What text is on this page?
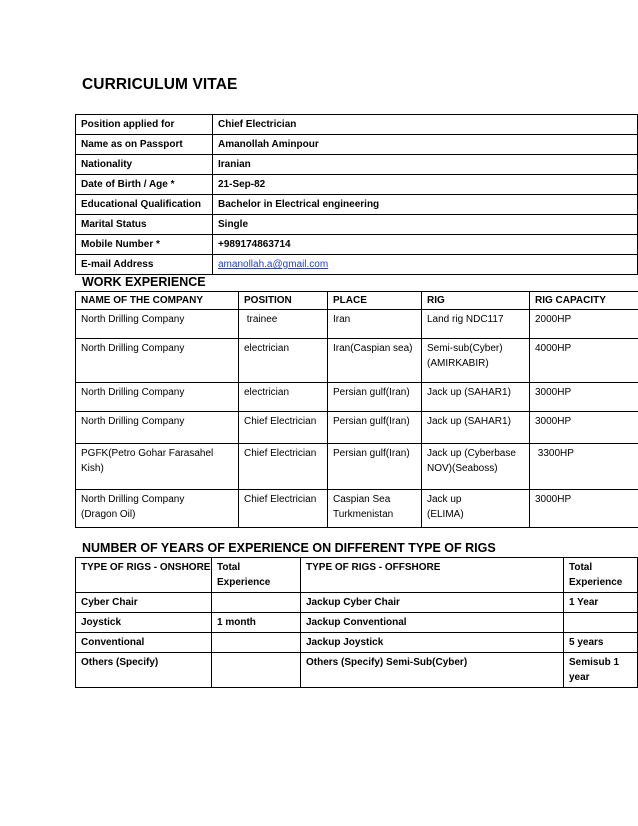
CURRICULUM VITAE
Position applied for	Chief Electrician
Name as on Passport	Amanollah Aminpour
Nationality	Iranian
Date of Birth / Age *	21-Sep-82
Educational Qualification	Bachelor in Electrical engineering
Marital Status	Single
Mobile Number *	+989174863714
E-mail Address	amanollah.a@gmail.com
WORK EXPERIENCE
NAME OF THE COMPANY	POSITION	PLACE	RIG	RIG CAPACITY
North Drilling Company	trainee	Iran	Land rig NDC117	2000HP
North Drilling Company	electrician	Iran(Caspian sea)	Semi-sub(Cyber) (AMIRKABIR)	4000HP
North Drilling Company	electrician	Persian gulf(Iran)	Jack up (SAHAR1)	3000HP
North Drilling Company	Chief Electrician	Persian gulf(Iran)	Jack up (SAHAR1)	3000HP
PGFK(Petro Gohar Farasahel Kish)	Chief Electrician	Persian gulf(Iran)	Jack up (Cyberbase NOV)(Seaboss)	3300HP
North Drilling Company (Dragon Oil)	Chief Electrician	Caspian Sea Turkmenistan	Jack up (ELIMA)	3000HP
NUMBER OF YEARS OF EXPERIENCE ON DIFFERENT TYPE OF RIGS
TYPE OF RIGS - ONSHORE	Total Experience	TYPE OF RIGS - OFFSHORE	Total Experience
Cyber Chair		Jackup Cyber Chair	1 Year
Joystick	1 month	Jackup Conventional	
Conventional		Jackup Joystick	5 years
Others (Specify)		Others (Specify) Semi-Sub(Cyber)	Semisub 1 year
